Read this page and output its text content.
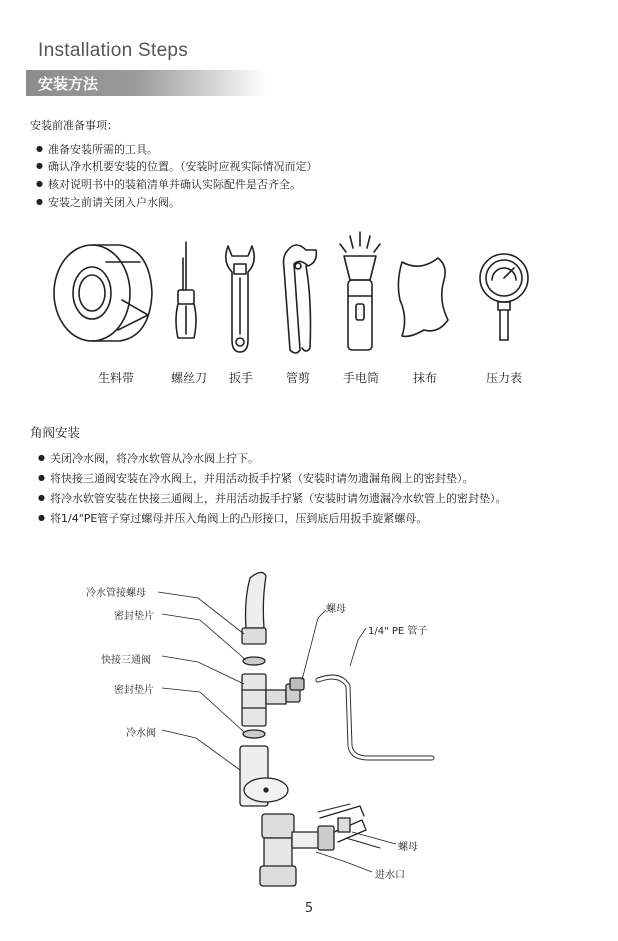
Installation Steps
安装方法
安装前准备事项：
● 准备安装所需的工具。
● 确认净水机要安装的位置。（安装时应视实际情况而定）
● 核对说明书中的装箱清单并确认实际配件是否齐全。
● 安装之前请关闭入户水阀。
生料带	螺丝刀	扳手	管剪	手电筒	抹布	压力表
角阀安装
● 关闭冷水阀，将冷水软管从冷水阀上拧下。
● 将快接三通阀安装在冷水阀上，并用活动扳手拧紧（安装时请勿遗漏角阀上的密封垫）。
● 将冷水软管安装在快接三通阀上，并用活动扳手拧紧（安装时请勿遗漏冷水软管上的密封垫）。
● 将1/4"PE管子穿过螺母并压入角阀上的凸形接口，压到底后用扳手旋紧螺母。
冷水管接螺母
密封垫片
快接三通阀
密封垫片
冷水阀
螺母
1/4" PE 管子
螺母
进水口
5
